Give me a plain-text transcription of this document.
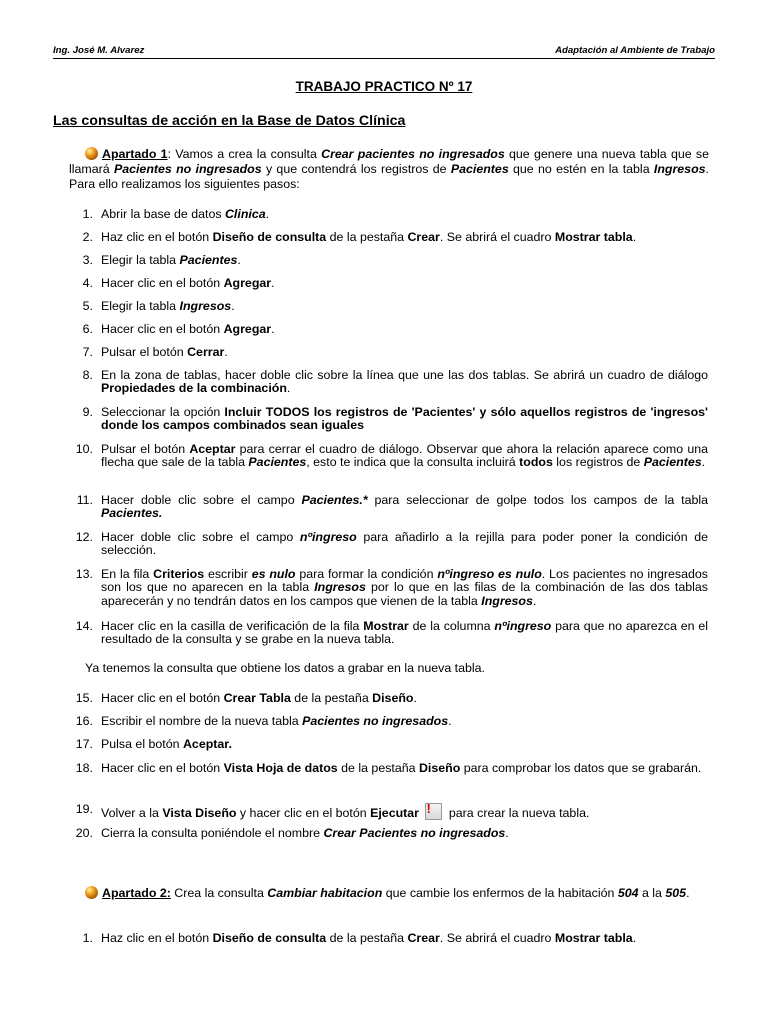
Ing. José M. Alvarez	Adaptación al Ambiente de Trabajo
TRABAJO PRACTICO Nº 17
Las consultas de acción en la Base de Datos Clínica
Apartado 1: Vamos a crea la consulta Crear pacientes no ingresados que genere una nueva tabla que se llamará Pacientes no ingresados y que contendrá los registros de Pacientes que no estén en la tabla Ingresos. Para ello realizamos los siguientes pasos:
1. Abrir la base de datos Clinica.
2. Haz clic en el botón Diseño de consulta de la pestaña Crear. Se abrirá el cuadro Mostrar tabla.
3. Elegir la tabla Pacientes.
4. Hacer clic en el botón Agregar.
5. Elegir la tabla Ingresos.
6. Hacer clic en el botón Agregar.
7. Pulsar el botón Cerrar.
8. En la zona de tablas, hacer doble clic sobre la línea que une las dos tablas. Se abrirá un cuadro de diálogo Propiedades de la combinación.
9. Seleccionar la opción Incluir TODOS los registros de 'Pacientes' y sólo aquellos registros de 'ingresos' donde los campos combinados sean iguales
10. Pulsar el botón Aceptar para cerrar el cuadro de diálogo. Observar que ahora la relación aparece como una flecha que sale de la tabla Pacientes, esto te indica que la consulta incluirá todos los registros de Pacientes.
11. Hacer doble clic sobre el campo Pacientes.* para seleccionar de golpe todos los campos de la tabla Pacientes.
12. Hacer doble clic sobre el campo nºingreso para añadirlo a la rejilla para poder poner la condición de selección.
13. En la fila Criterios escribir es nulo para formar la condición nºingreso es nulo. Los pacientes no ingresados son los que no aparecen en la tabla Ingresos por lo que en las filas de la combinación de las dos tablas aparecerán y no tendrán datos en los campos que vienen de la tabla Ingresos.
14. Hacer clic en la casilla de verificación de la fila Mostrar de la columna nºingreso para que no aparezca en el resultado de la consulta y se grabe en la nueva tabla.
Ya tenemos la consulta que obtiene los datos a grabar en la nueva tabla.
15. Hacer clic en el botón Crear Tabla de la pestaña Diseño.
16. Escribir el nombre de la nueva tabla Pacientes no ingresados.
17. Pulsa el botón Aceptar.
18. Hacer clic en el botón Vista Hoja de datos de la pestaña Diseño para comprobar los datos que se grabarán.
19. Volver a la Vista Diseño y hacer clic en el botón Ejecutar ! para crear la nueva tabla.
20. Cierra la consulta poniéndole el nombre Crear Pacientes no ingresados.
Apartado 2: Crea la consulta Cambiar habitacion que cambie los enfermos de la habitación 504 a la 505.
1. Haz clic en el botón Diseño de consulta de la pestaña Crear. Se abrirá el cuadro Mostrar tabla.
